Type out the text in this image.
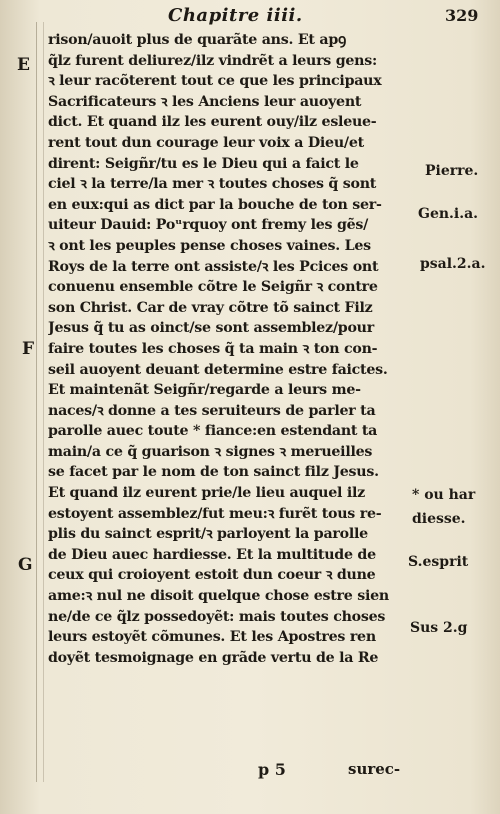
Chapitre iiii.	329
rison/auoit plus de quarãte ans. Et apꝯ
q̃lz furent deliurez/ilz vindrẽt a leurs gens:
ꝛ leur racõterent tout ce que les principaux
Sacrificateurs ꝛ les Anciens leur auoyent
dict. Et quand ilz les eurent ouy/ilz esleue-
rent tout dun courage leur voix a Dieu/et
dirent: Seigñr/tu es le Dieu qui a faict le
ciel ꝛ la terre/la mer ꝛ toutes choses q̃ sont
en eux:qui as dict par la bouche de ton ser-
uiteur Dauid: Poᵘrquoy ont fremy les gẽs/
ꝛ ont les peuples pense choses vaines. Les
Roys de la terre ont assiste/ꝛ les Pcices ont
conuenu ensemble cõtre le Seigñr ꝛ contre
son Christ. Car de vray cõtre tõ sainct Filz
Jesus q̃ tu as oinct/se sont assemblez/pour
faire toutes les choses q̃ ta main ꝛ ton con-
seil auoyent deuant determine estre faictes.
Et maintenãt Seigñr/regarde a leurs me-
naces/ꝛ donne a tes seruiteurs de parler ta
parolle auec toute * fiance:en estendant ta
main/a ce q̃ guarison ꝛ signes ꝛ merueilles
se facet par le nom de ton sainct filz Jesus.
Et quand ilz eurent prie/le lieu auquel ilz
estoyent assemblez/fut meu:ꝛ furẽt tous re-
plis du sainct esprit/ꝛ parloyent la parolle
de Dieu auec hardiesse. Et la multitude de
ceux qui croioyent estoit dun coeur ꝛ dune
ame:ꝛ nul ne disoit quelque chose estre sien
ne/de ce q̃lz possedoyẽt: mais toutes choses
leurs estoyẽt cõmunes. Et les Apostres ren
doyẽt tesmoignage en grãde vertu de la Re
E
F
G
Pierre.
Gen.i.a.
psal.2.a.
* ou har diesse.
S.esprit
Sus 2.g
p 5	surec-
